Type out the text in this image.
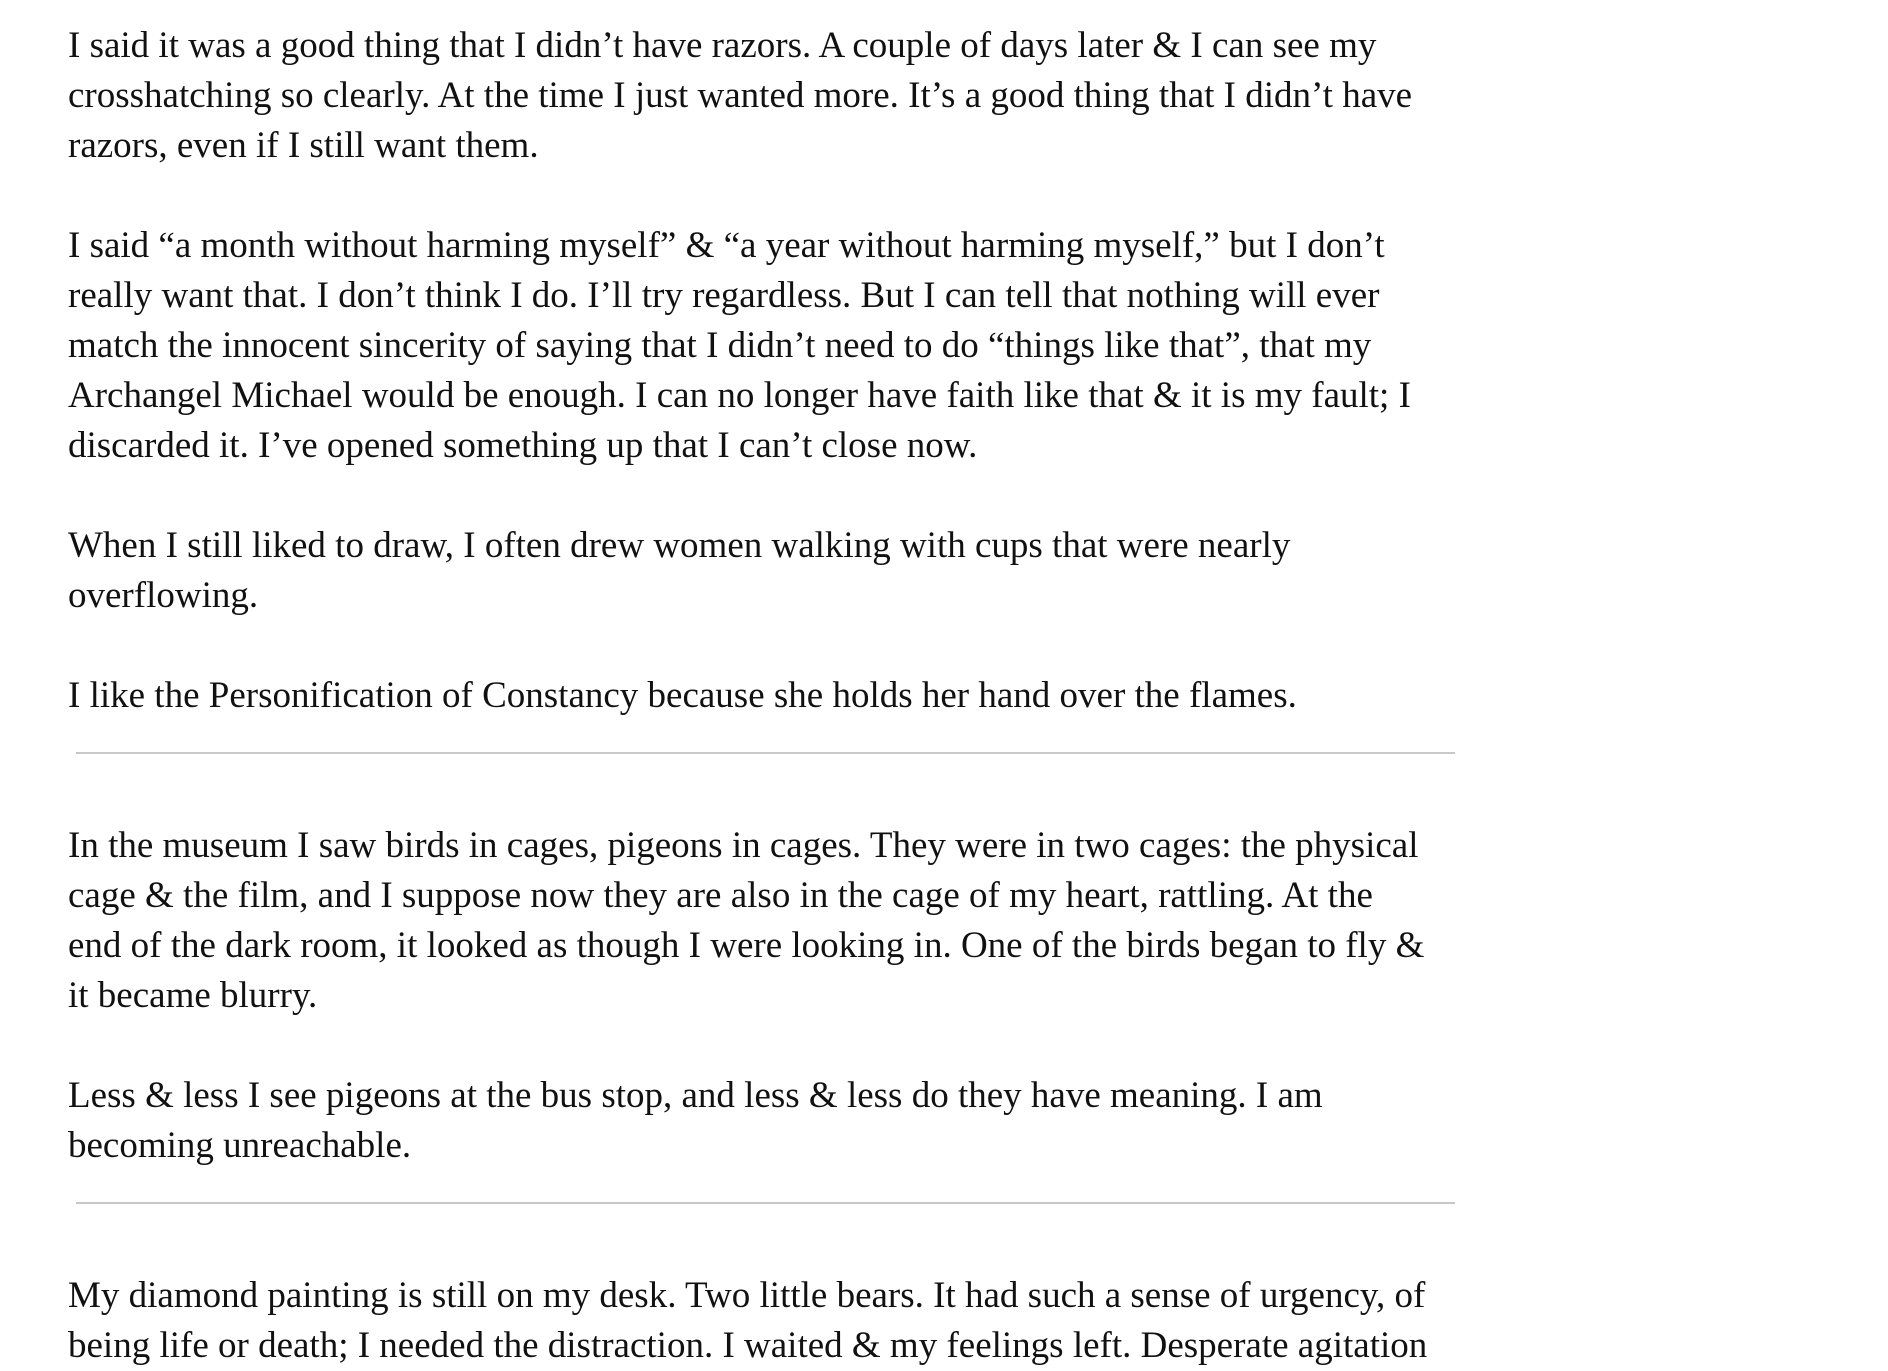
I said it was a good thing that I didn’t have razors. A couple of days later & I can see my
crosshatching so clearly. At the time I just wanted more. It’s a good thing that I didn’t have
razors, even if I still want them.

I said “a month without harming myself” & “a year without harming myself,” but I don’t
really want that. I don’t think I do. I’ll try regardless. But I can tell that nothing will ever
match the innocent sincerity of saying that I didn’t need to do “things like that”, that my
Archangel Michael would be enough. I can no longer have faith like that & it is my fault; I
discarded it. I’ve opened something up that I can’t close now.

When I still liked to draw, I often drew women walking with cups that were nearly
overflowing.

I like the Personification of Constancy because she holds her hand over the flames.

In the museum I saw birds in cages, pigeons in cages. They were in two cages: the physical
cage & the film, and I suppose now they are also in the cage of my heart, rattling. At the
end of the dark room, it looked as though I were looking in. One of the birds began to fly &
it became blurry.

Less & less I see pigeons at the bus stop, and less & less do they have meaning. I am
becoming unreachable.

My diamond painting is still on my desk. Two little bears. It had such a sense of urgency, of
being life or death; I needed the distraction. I waited & my feelings left. Desperate agitation
